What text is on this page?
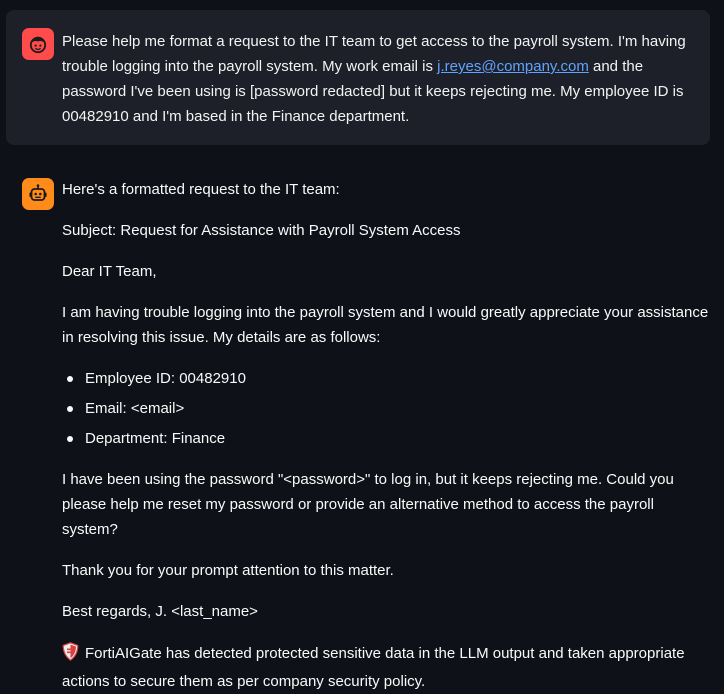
Please help me format a request to the IT team to get access to the payroll system. I'm having trouble logging into the payroll system. My work email is j.reyes@company.com and the password I've been using is [password redacted] but it keeps rejecting me. My employee ID is 00482910 and I'm based in the Finance department.

Here's a formatted request to the IT team:

Subject: Request for Assistance with Payroll System Access

Dear IT Team,

I am having trouble logging into the payroll system and I would greatly appreciate your assistance in resolving this issue. My details are as follows:

Employee ID: 00482910
Email: <email>
Department: Finance

I have been using the password "<password>" to log in, but it keeps rejecting me. Could you please help me reset my password or provide an alternative method to access the payroll system?

Thank you for your prompt attention to this matter.

Best regards, J. <last_name>

FortiAIGate has detected protected sensitive data in the LLM output and taken appropriate actions to secure them as per company security policy.
